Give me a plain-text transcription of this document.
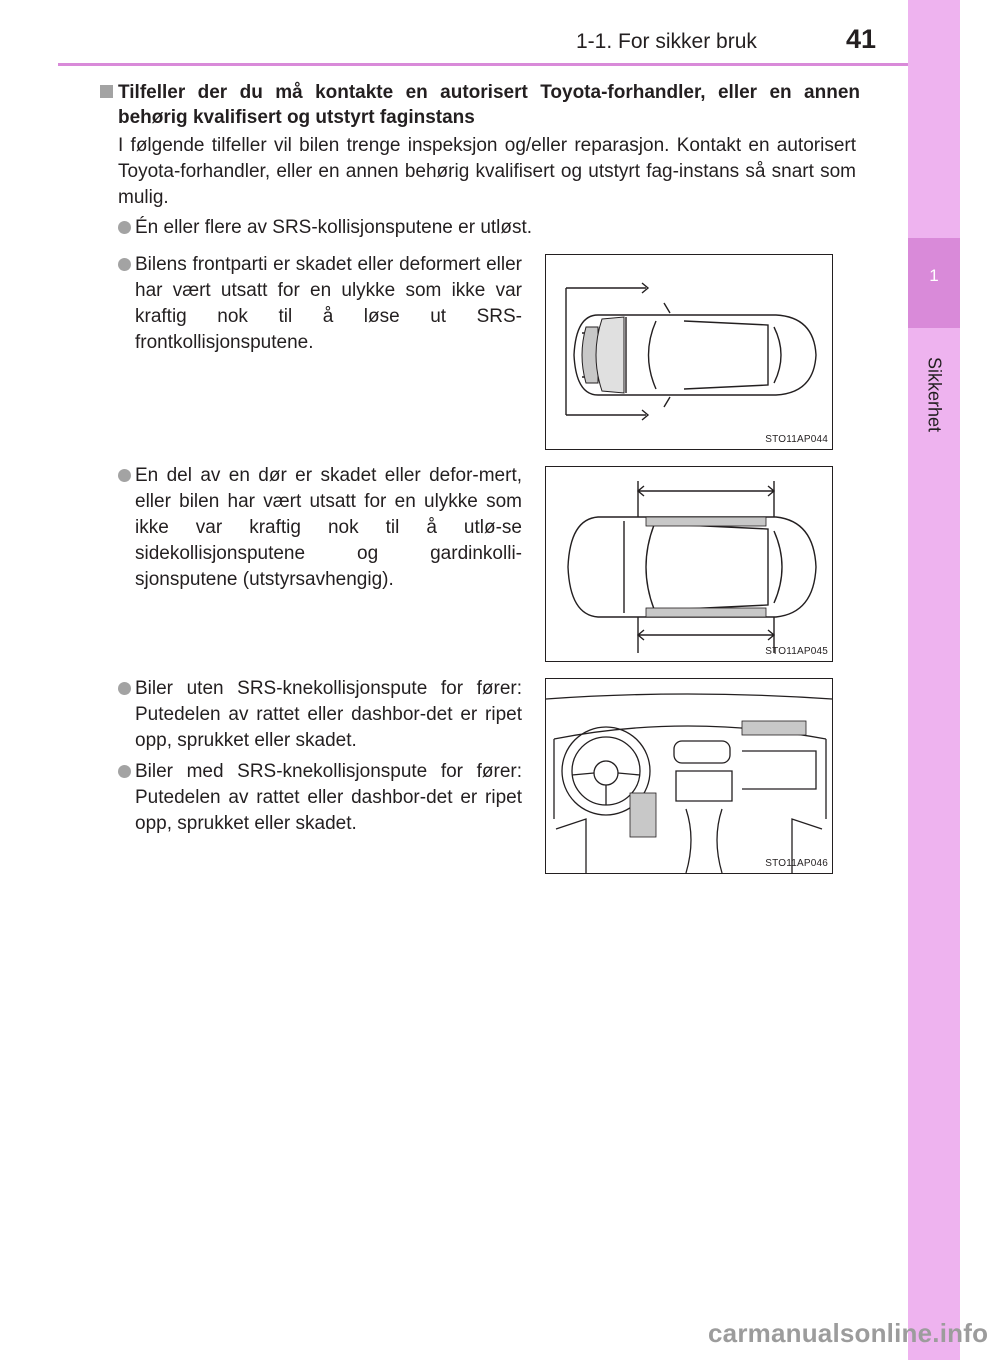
1
Sikkerhet
1-1. For sikker bruk	41
Tilfeller der du må kontakte en autorisert Toyota-forhandler, eller en annen behørig kvalifisert og utstyrt faginstans
I følgende tilfeller vil bilen trenge inspeksjon og/eller reparasjon. Kontakt en autorisert Toyota-forhandler, eller en annen behørig kvalifisert og utstyrt fag-instans så snart som mulig.
Én eller flere av SRS-kollisjonsputene er utløst.
Bilens frontparti er skadet eller deformert eller har vært utsatt for en ulykke som ikke var kraftig nok til å løse ut SRS-frontkollisjonsputene.
STO11AP044
En del av en dør er skadet eller defor-mert, eller bilen har vært utsatt for en ulykke som ikke var kraftig nok til å utlø-se sidekollisjonsputene og gardinkolli-sjonsputene (utstyrsavhengig).
STO11AP045
Biler uten SRS-knekollisjonspute for fører: Putedelen av rattet eller dashbor-det er ripet opp, sprukket eller skadet.
Biler med SRS-knekollisjonspute for fører: Putedelen av rattet eller dashbor-det er ripet opp, sprukket eller skadet.
STO11AP046
carmanualsonline.info
